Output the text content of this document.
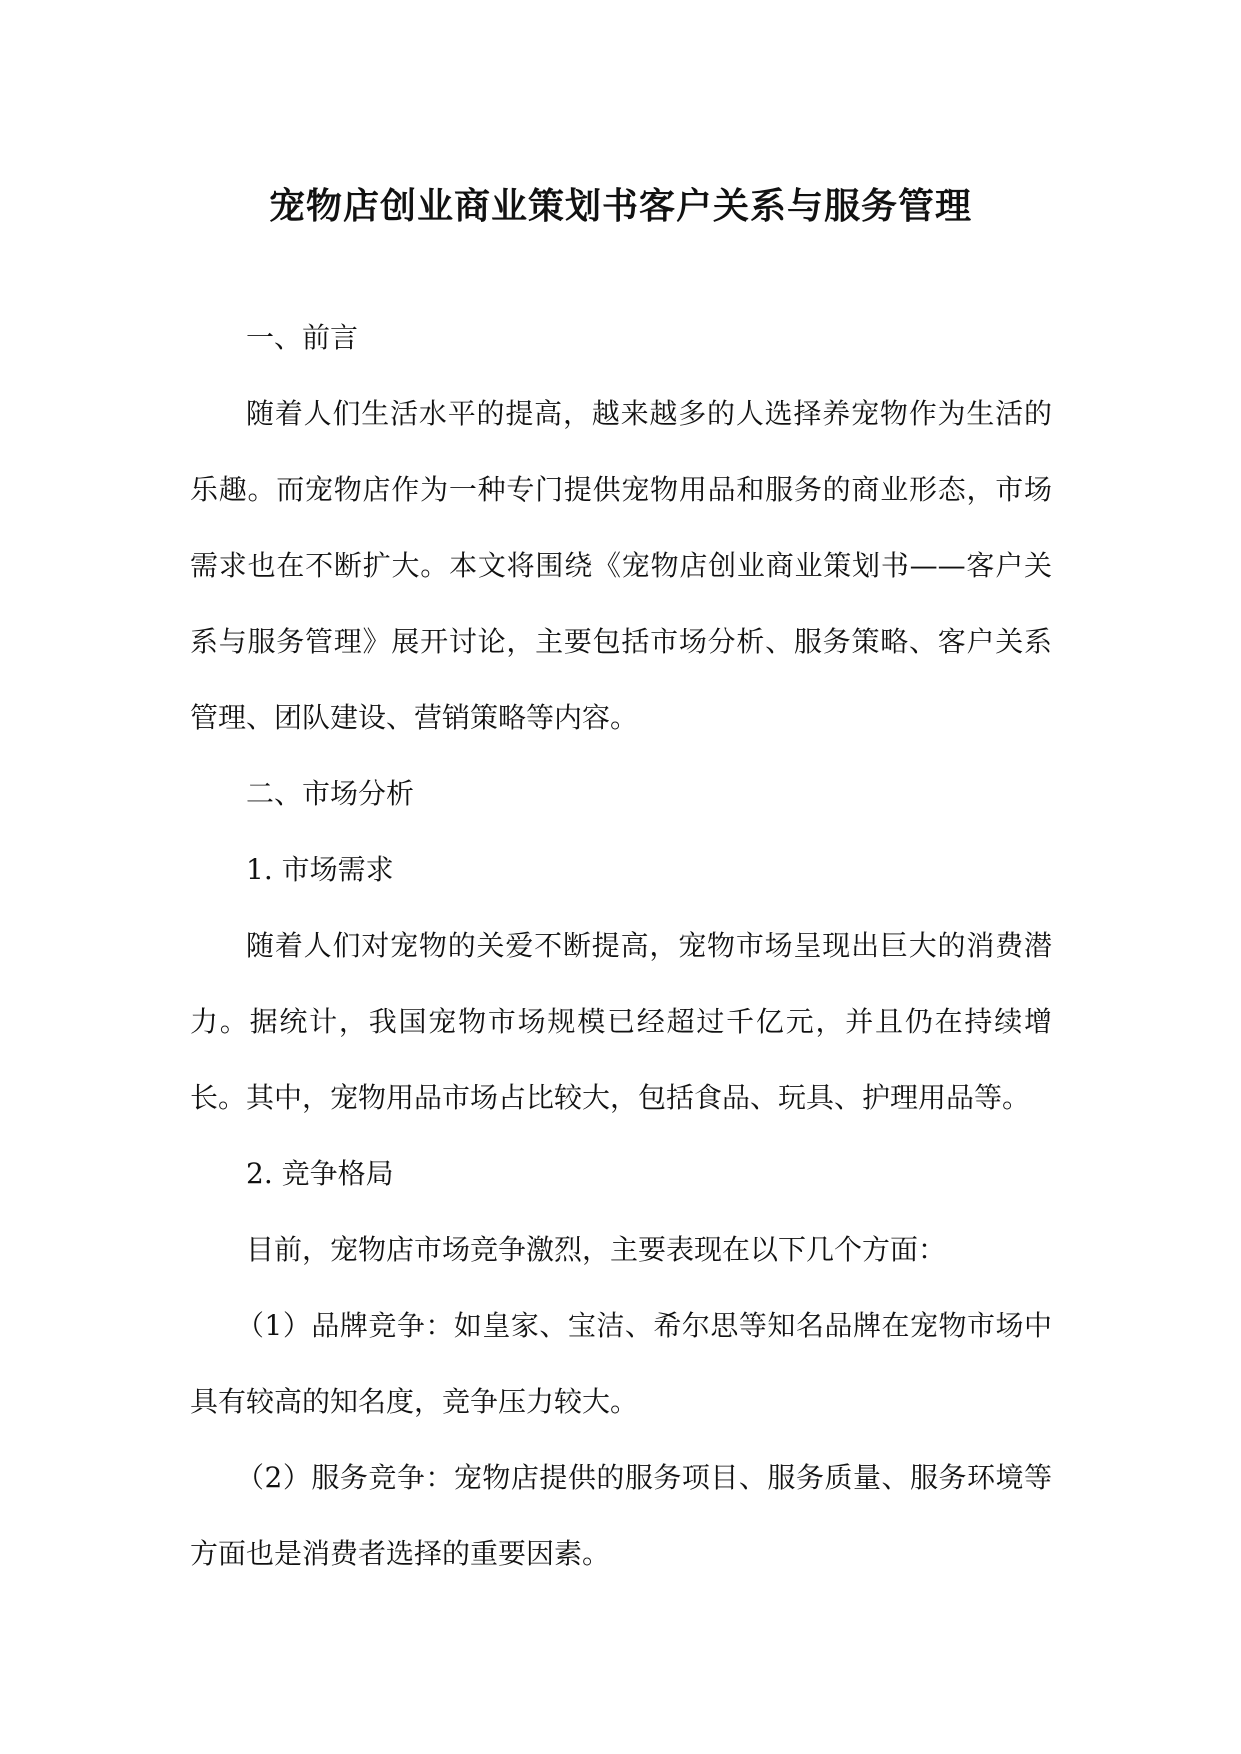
宠物店创业商业策划书客户关系与服务管理

一、前言

随着人们生活水平的提高，越来越多的人选择养宠物作为生活的乐趣。而宠物店作为一种专门提供宠物用品和服务的商业形态，市场需求也在不断扩大。本文将围绕《宠物店创业商业策划书——客户关系与服务管理》展开讨论，主要包括市场分析、服务策略、客户关系管理、团队建设、营销策略等内容。

二、市场分析

1. 市场需求

随着人们对宠物的关爱不断提高，宠物市场呈现出巨大的消费潜力。据统计，我国宠物市场规模已经超过千亿元，并且仍在持续增长。其中，宠物用品市场占比较大，包括食品、玩具、护理用品等。

2. 竞争格局

目前，宠物店市场竞争激烈，主要表现在以下几个方面：

（1）品牌竞争：如皇家、宝洁、希尔思等知名品牌在宠物市场中具有较高的知名度，竞争压力较大。

（2）服务竞争：宠物店提供的服务项目、服务质量、服务环境等方面也是消费者选择的重要因素。
